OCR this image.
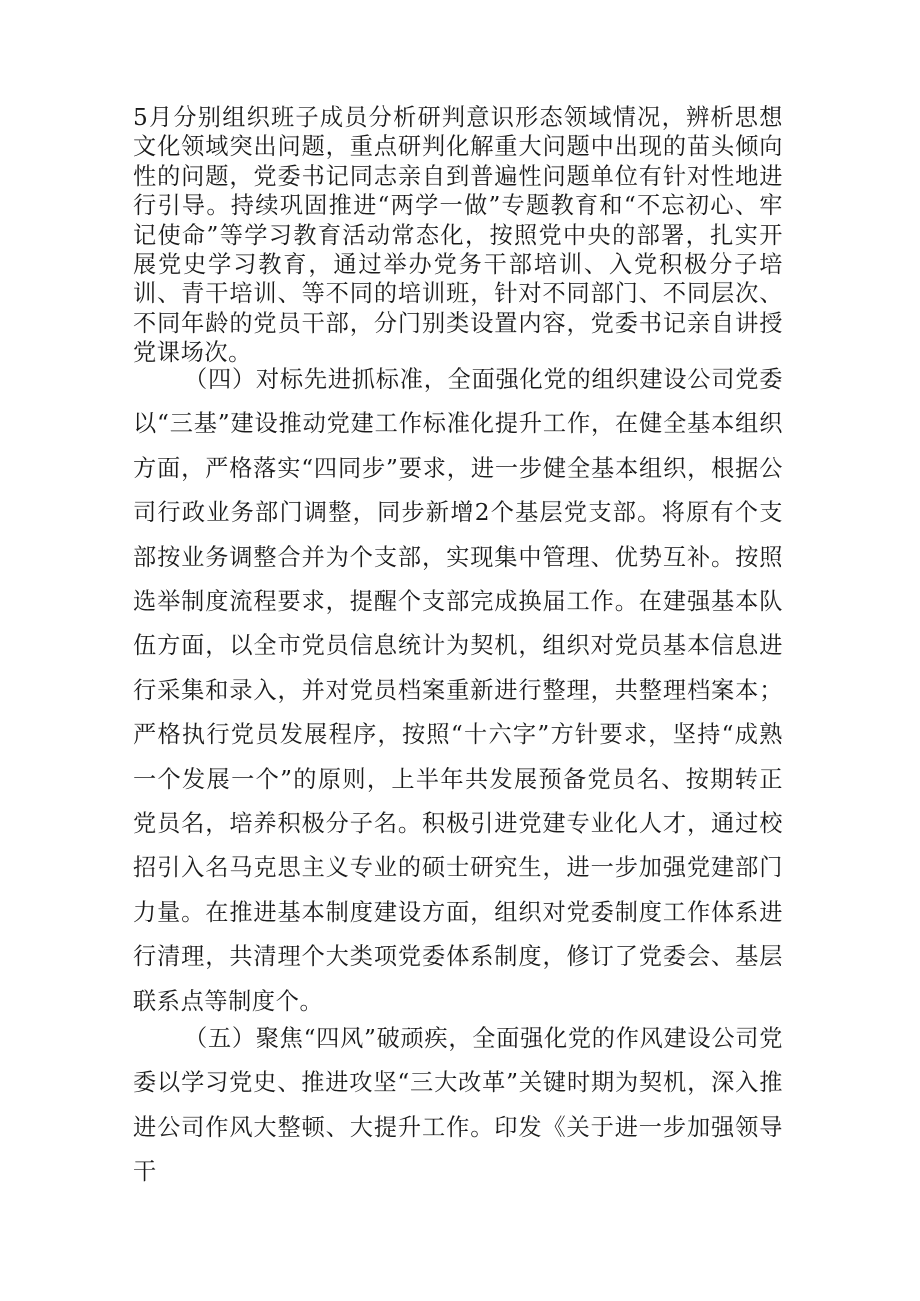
5月分别组织班子成员分析研判意识形态领域情况，辨析思想文化领域突出问题，重点研判化解重大问题中出现的苗头倾向性的问题，党委书记同志亲自到普遍性问题单位有针对性地进行引导。持续巩固推进“两学一做”专题教育和“不忘初心、牢记使命”等学习教育活动常态化，按照党中央的部署，扎实开展党史学习教育，通过举办党务干部培训、入党积极分子培训、青干培训、等不同的培训班，针对不同部门、不同层次、不同年龄的党员干部，分门别类设置内容，党委书记亲自讲授党课场次。

（四）对标先进抓标准，全面强化党的组织建设公司党委以“三基”建设推动党建工作标准化提升工作，在健全基本组织方面，严格落实“四同步”要求，进一步健全基本组织，根据公司行政业务部门调整，同步新增2个基层党支部。将原有个支部按业务调整合并为个支部，实现集中管理、优势互补。按照选举制度流程要求，提醒个支部完成换届工作。在建强基本队伍方面，以全市党员信息统计为契机，组织对党员基本信息进行采集和录入，并对党员档案重新进行整理，共整理档案本；严格执行党员发展程序，按照“十六字”方针要求，坚持“成熟一个发展一个”的原则，上半年共发展预备党员名、按期转正党员名，培养积极分子名。积极引进党建专业化人才，通过校招引入名马克思主义专业的硕士研究生，进一步加强党建部门力量。在推进基本制度建设方面，组织对党委制度工作体系进行清理，共清理个大类项党委体系制度，修订了党委会、基层联系点等制度个。

（五）聚焦“四风”破顽疾，全面强化党的作风建设公司党委以学习党史、推进攻坚“三大改革”关键时期为契机，深入推进公司作风大整顿、大提升工作。印发《关于进一步加强领导干
